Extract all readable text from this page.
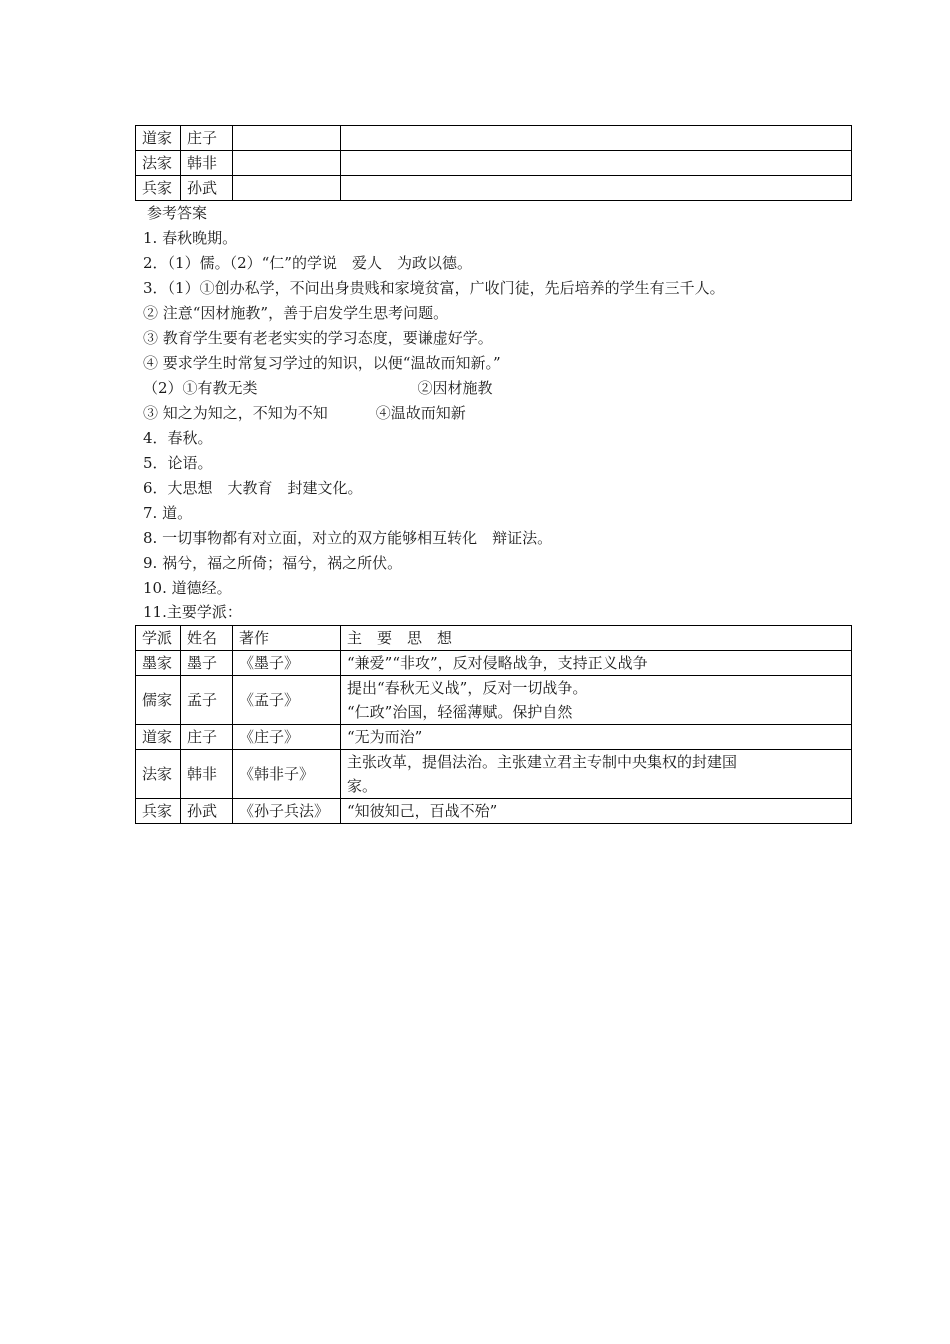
道家	庄子		
法家	韩非		
兵家	孙武		
参考答案
1. 春秋晚期。
2．（1）儒。（2）“仁”的学说　爱人　为政以德。
3．（1）①创办私学，不问出身贵贱和家境贫富，广收门徒，先后培养的学生有三千人。
② 注意“因材施教”，善于启发学生思考问题。
③ 教育学生要有老老实实的学习态度，要谦虚好学。
④ 要求学生时常复习学过的知识，以便“温故而知新。”
（2）①有教无类	②因材施教
③ 知之为知之，不知为不知	④温故而知新
4．春秋。
5．论语。
6．大思想　大教育　封建文化。
7. 道。
8. 一切事物都有对立面，对立的双方能够相互转化　辩证法。
9. 祸兮，福之所倚；福兮，祸之所伏。
10. 道德经。
11.主要学派：
学派	姓名	著作	主　要　思　想
墨家	墨子	《墨子》	“兼爱”“非攻”，反对侵略战争，支持正义战争
儒家	孟子	《孟子》	提出“春秋无义战”，反对一切战争。
“仁政”治国，轻徭薄赋。保护自然

道家	庄子	《庄子》	“无为而治”
法家	韩非	《韩非子》	主张改革，提倡法治。主张建立君主专制中央集权的封建国
家。

兵家	孙武	《孙子兵法》	“知彼知己，百战不殆”
